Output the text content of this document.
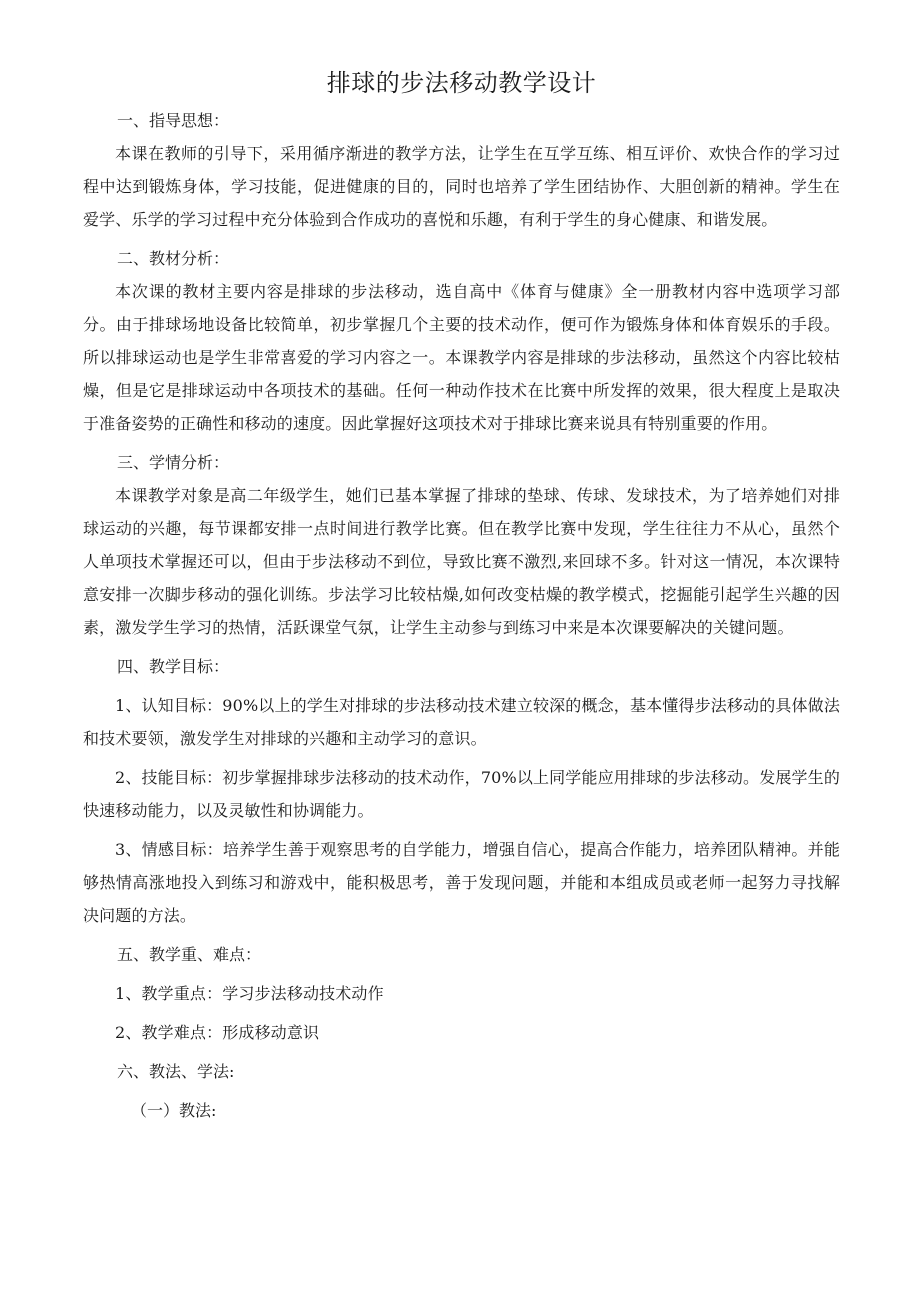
排球的步法移动教学设计

一、指导思想：

本课在教师的引导下，采用循序渐进的教学方法，让学生在互学互练、相互评价、欢快合作的学习过程中达到锻炼身体，学习技能，促进健康的目的，同时也培养了学生团结协作、大胆创新的精神。学生在爱学、乐学的学习过程中充分体验到合作成功的喜悦和乐趣，有利于学生的身心健康、和谐发展。

二、教材分析：

本次课的教材主要内容是排球的步法移动，选自高中《体育与健康》全一册教材内容中选项学习部分。由于排球场地设备比较简单，初步掌握几个主要的技术动作，便可作为锻炼身体和体育娱乐的手段。所以排球运动也是学生非常喜爱的学习内容之一。本课教学内容是排球的步法移动，虽然这个内容比较枯燥，但是它是排球运动中各项技术的基础。任何一种动作技术在比赛中所发挥的效果，很大程度上是取决于准备姿势的正确性和移动的速度。因此掌握好这项技术对于排球比赛来说具有特别重要的作用。

三、学情分析：

本课教学对象是高二年级学生，她们已基本掌握了排球的垫球、传球、发球技术，为了培养她们对排球运动的兴趣，每节课都安排一点时间进行教学比赛。但在教学比赛中发现，学生往往力不从心，虽然个人单项技术掌握还可以，但由于步法移动不到位，导致比赛不激烈,来回球不多。针对这一情况，本次课特意安排一次脚步移动的强化训练。步法学习比较枯燥,如何改变枯燥的教学模式，挖掘能引起学生兴趣的因素，激发学生学习的热情，活跃课堂气氛，让学生主动参与到练习中来是本次课要解决的关键问题。

四、教学目标：

1、认知目标：90%以上的学生对排球的步法移动技术建立较深的概念，基本懂得步法移动的具体做法和技术要领，激发学生对排球的兴趣和主动学习的意识。

2、技能目标：初步掌握排球步法移动的技术动作，70%以上同学能应用排球的步法移动。发展学生的快速移动能力，以及灵敏性和协调能力。

3、情感目标：培养学生善于观察思考的自学能力，增强自信心，提高合作能力，培养团队精神。并能够热情高涨地投入到练习和游戏中，能积极思考，善于发现问题，并能和本组成员或老师一起努力寻找解决问题的方法。

五、教学重、难点：

1、教学重点：学习步法移动技术动作

2、教学难点：形成移动意识

六、教法、学法:

（一）教法:
